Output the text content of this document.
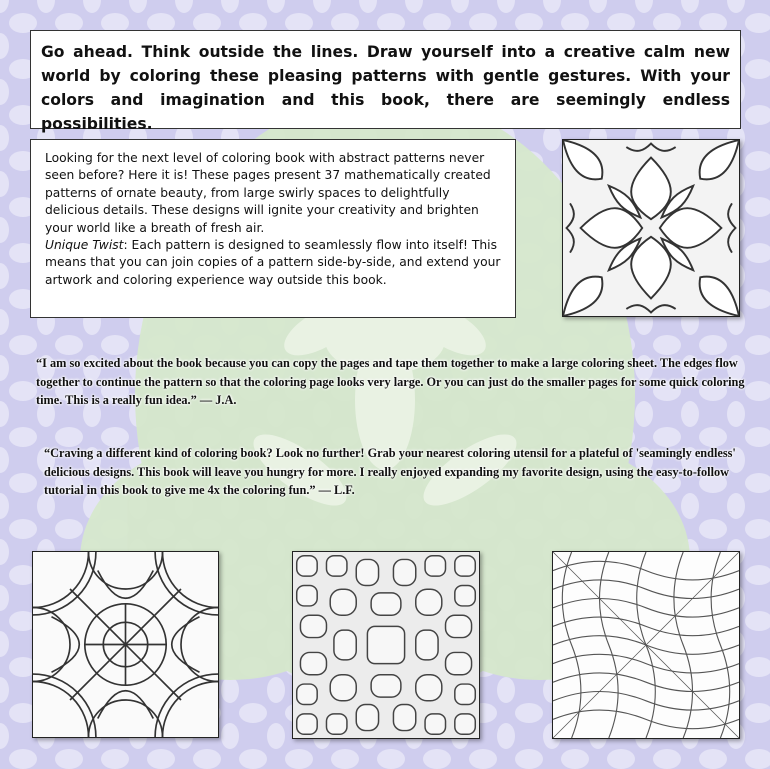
Go ahead. Think outside the lines. Draw yourself into a creative calm new world by coloring these pleasing patterns with gentle gestures. With your colors and imagination and this book, there are seemingly endless possibilities.

Looking for the next level of coloring book with abstract patterns never seen before? Here it is! These pages present 37 mathematically created patterns of ornate beauty, from large swirly spaces to delightfully delicious details. These designs will ignite your creativity and brighten your world like a breath of fresh air.

Unique Twist: Each pattern is designed to seamlessly flow into itself! This means that you can join copies of a pattern side-by-side, and extend your artwork and coloring experience way outside this book.

“I am so excited about the book because you can copy the pages and tape them together to make a large coloring sheet. The edges flow together to continue the pattern so that the coloring page looks very large. Or you can just do the smaller pages for some quick coloring time. This is a really fun idea.” — J.A.
“Craving a different kind of coloring book? Look no further! Grab your nearest coloring utensil for a plateful of 'seamingly endless' delicious designs. This book will leave you hungry for more. I really enjoyed expanding my favorite design, using the easy-to-follow tutorial in this book to give me 4x the coloring fun.” — L.F.
